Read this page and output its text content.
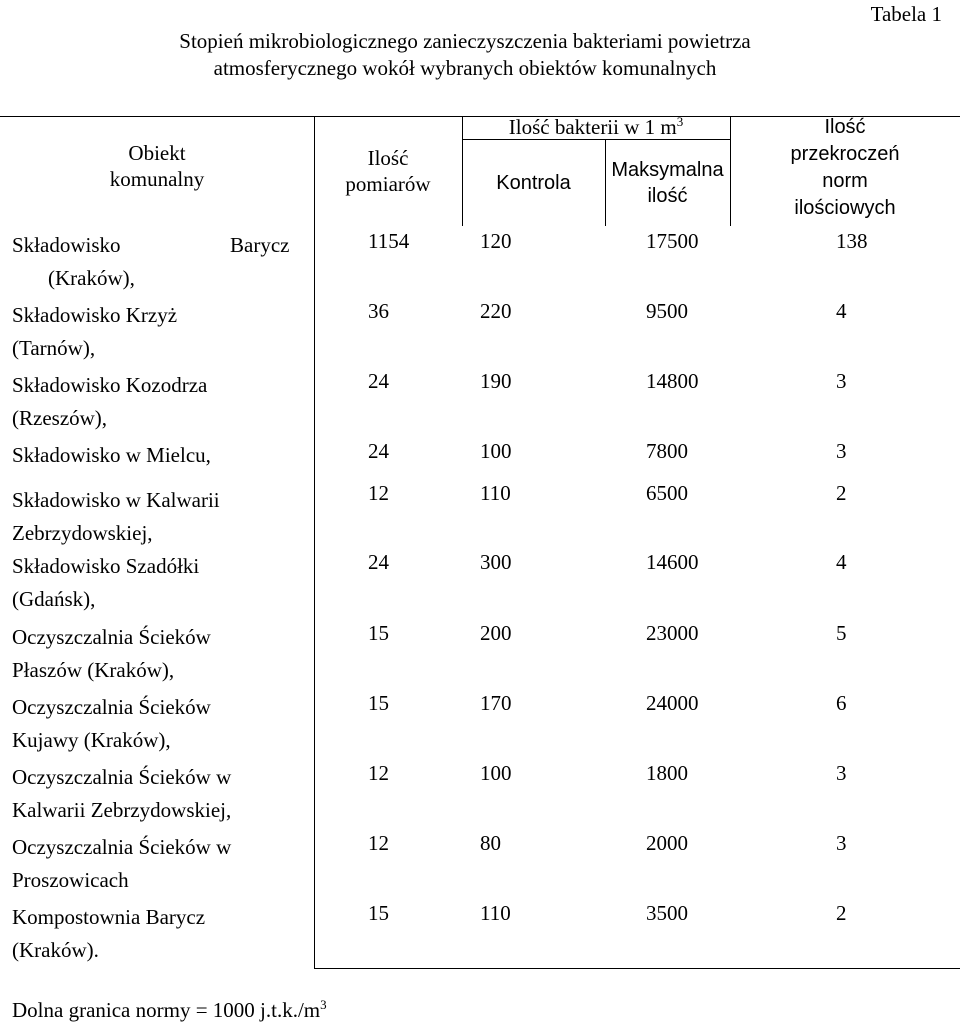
Tabela 1
Stopień mikrobiologicznego zanieczyszczenia bakteriami powietrza
atmosferycznego wokół wybranych obiektów komunalnych
Obiekt
komunalny
Ilość
pomiarów
Ilość bakterii w 1 $m^3$
Kontrola
Maksymalna
ilość
Ilość
przekroczeń
norm
ilościowych
Składowisko	Barycz
(Kraków),
1154	120	17500	138
Składowisko Krzyż
(Tarnów),
36	220	9500	4
Składowisko Kozodrza
(Rzeszów),
24	190	14800	3
Składowisko w Mielcu,	24	100	7800	3
Składowisko w Kalwarii
Zebrzydowskiej,
12	110	6500	2
Składowisko Szadółki
(Gdańsk),
24	300	14600	4
Oczyszczalnia Ścieków
Płaszów (Kraków),
15	200	23000	5
Oczyszczalnia Ścieków
Kujawy (Kraków),
15	170	24000	6
Oczyszczalnia Ścieków w
Kalwarii Zebrzydowskiej,
12	100	1800	3
Oczyszczalnia Ścieków w
Proszowicach
12	80	2000	3
Kompostownia Barycz
(Kraków).
15	110	3500	2
Dolna granica normy = 1000 $j.t.k./m^3$
